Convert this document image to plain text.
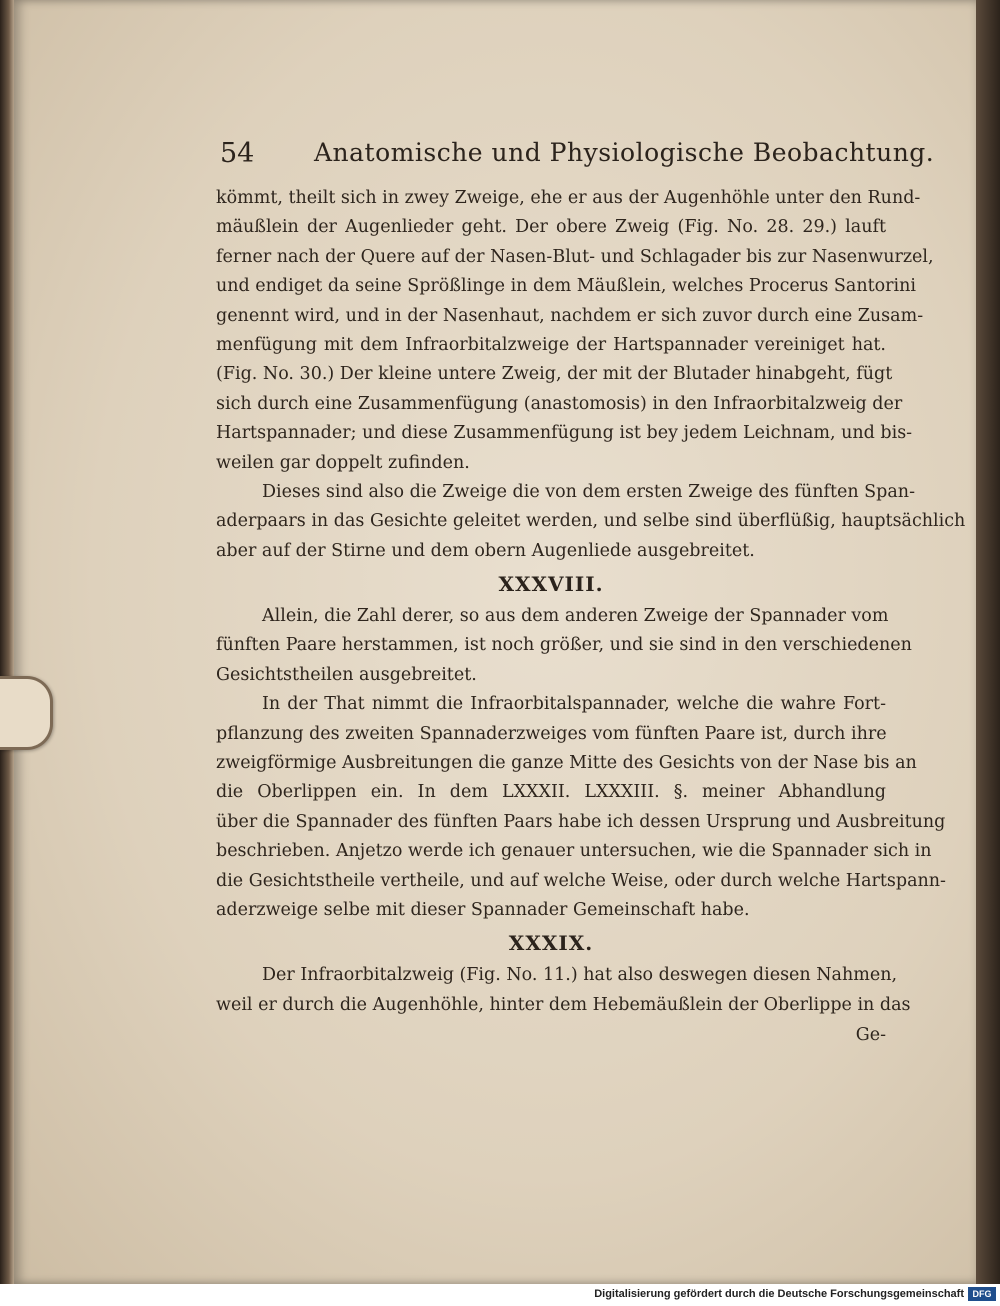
54 Anatomische und Physiologische Beobachtung.
kömmt, theilt sich in zwey Zweige, ehe er aus der Augenhöhle unter den Rund-
mäußlein der Augenlieder geht. Der obere Zweig (Fig. No. 28. 29.) lauft
ferner nach der Quere auf der Nasen-Blut- und Schlagader bis zur Nasenwurzel,
und endiget da seine Sprößlinge in dem Mäußlein, welches Procerus Santorini
genennt wird, und in der Nasenhaut, nachdem er sich zuvor durch eine Zusam-
menfügung mit dem Infraorbitalzweige der Hartspannader vereiniget hat.
(Fig. No. 30.) Der kleine untere Zweig, der mit der Blutader hinabgeht, fügt
sich durch eine Zusammenfügung (anastomosis) in den Infraorbitalzweig der
Hartspannader; und diese Zusammenfügung ist bey jedem Leichnam, und bis-
weilen gar doppelt zufinden.
Dieses sind also die Zweige die von dem ersten Zweige des fünften Span-
aderpaars in das Gesichte geleitet werden, und selbe sind überflüßig, hauptsächlich
aber auf der Stirne und dem obern Augenliede ausgebreitet.
XXXVIII.
Allein, die Zahl derer, so aus dem anderen Zweige der Spannader vom
fünften Paare herstammen, ist noch größer, und sie sind in den verschiedenen
Gesichtstheilen ausgebreitet.
In der That nimmt die Infraorbitalspannader, welche die wahre Fort-
pflanzung des zweiten Spannaderzweiges vom fünften Paare ist, durch ihre
zweigförmige Ausbreitungen die ganze Mitte des Gesichts von der Nase bis an
die Oberlippen ein. In dem LXXXII. LXXXIII. §. meiner Abhandlung
über die Spannader des fünften Paars habe ich dessen Ursprung und Ausbreitung
beschrieben. Anjetzo werde ich genauer untersuchen, wie die Spannader sich in
die Gesichtstheile vertheile, und auf welche Weise, oder durch welche Hartspann-
aderzweige selbe mit dieser Spannader Gemeinschaft habe.
XXXIX.
Der Infraorbitalzweig (Fig. No. 11.) hat also deswegen diesen Nahmen,
weil er durch die Augenhöhle, hinter dem Hebemäußlein der Oberlippe in das
Ge-
Digitalisierung gefördert durch die Deutsche Forschungsgemeinschaft DFG
